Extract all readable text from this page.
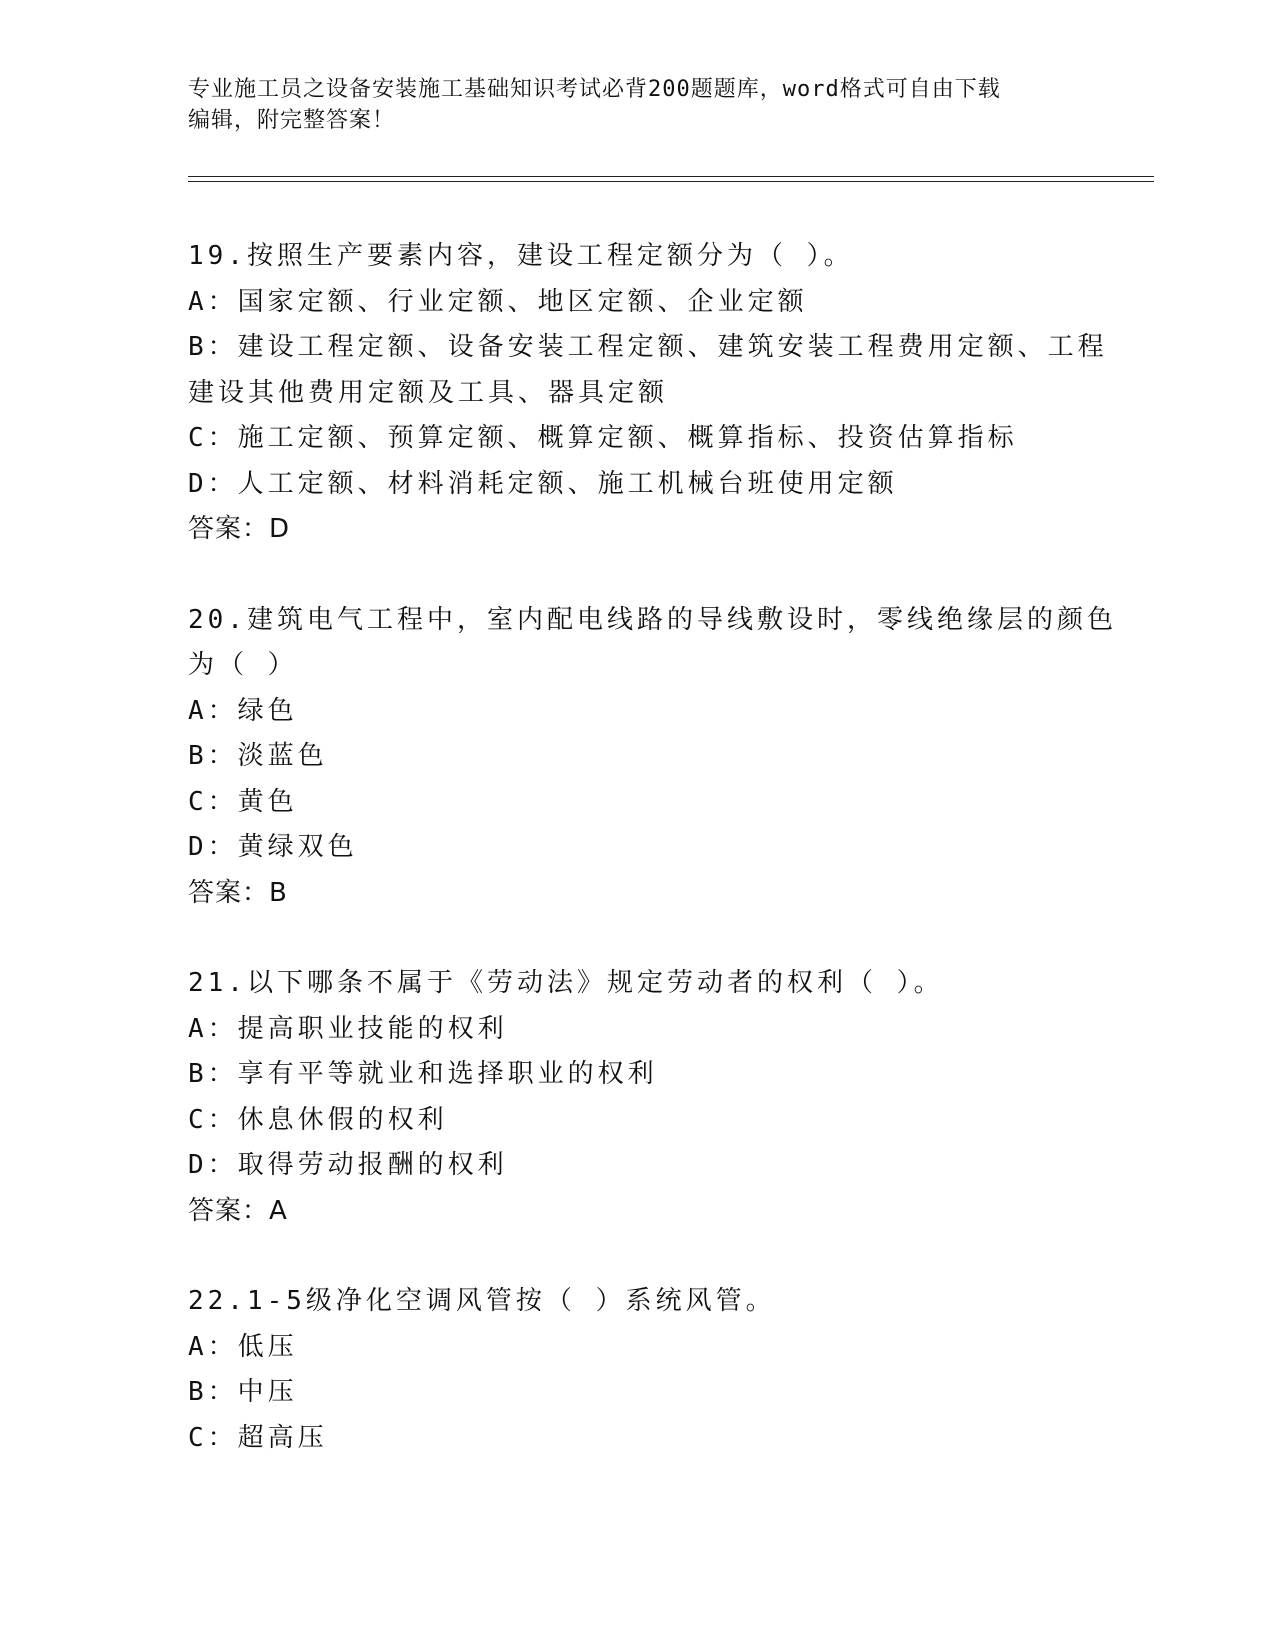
专业施工员之设备安装施工基础知识考试必背200题题库，word格式可自由下载
编辑，附完整答案！
19.按照生产要素内容，建设工程定额分为（ ）。
A：国家定额、行业定额、地区定额、企业定额
B：建设工程定额、设备安装工程定额、建筑安装工程费用定额、工程
建设其他费用定额及工具、器具定额
C：施工定额、预算定额、概算定额、概算指标、投资估算指标
D：人工定额、材料消耗定额、施工机械台班使用定额
答案：D
20.建筑电气工程中，室内配电线路的导线敷设时，零线绝缘层的颜色
为（ ）
A：绿色
B：淡蓝色
C：黄色
D：黄绿双色
答案：B
21.以下哪条不属于《劳动法》规定劳动者的权利（ ）。
A：提高职业技能的权利
B：享有平等就业和选择职业的权利
C：休息休假的权利
D：取得劳动报酬的权利
答案：A
22.1-5级净化空调风管按（ ）系统风管。
A：低压
B：中压
C：超高压
